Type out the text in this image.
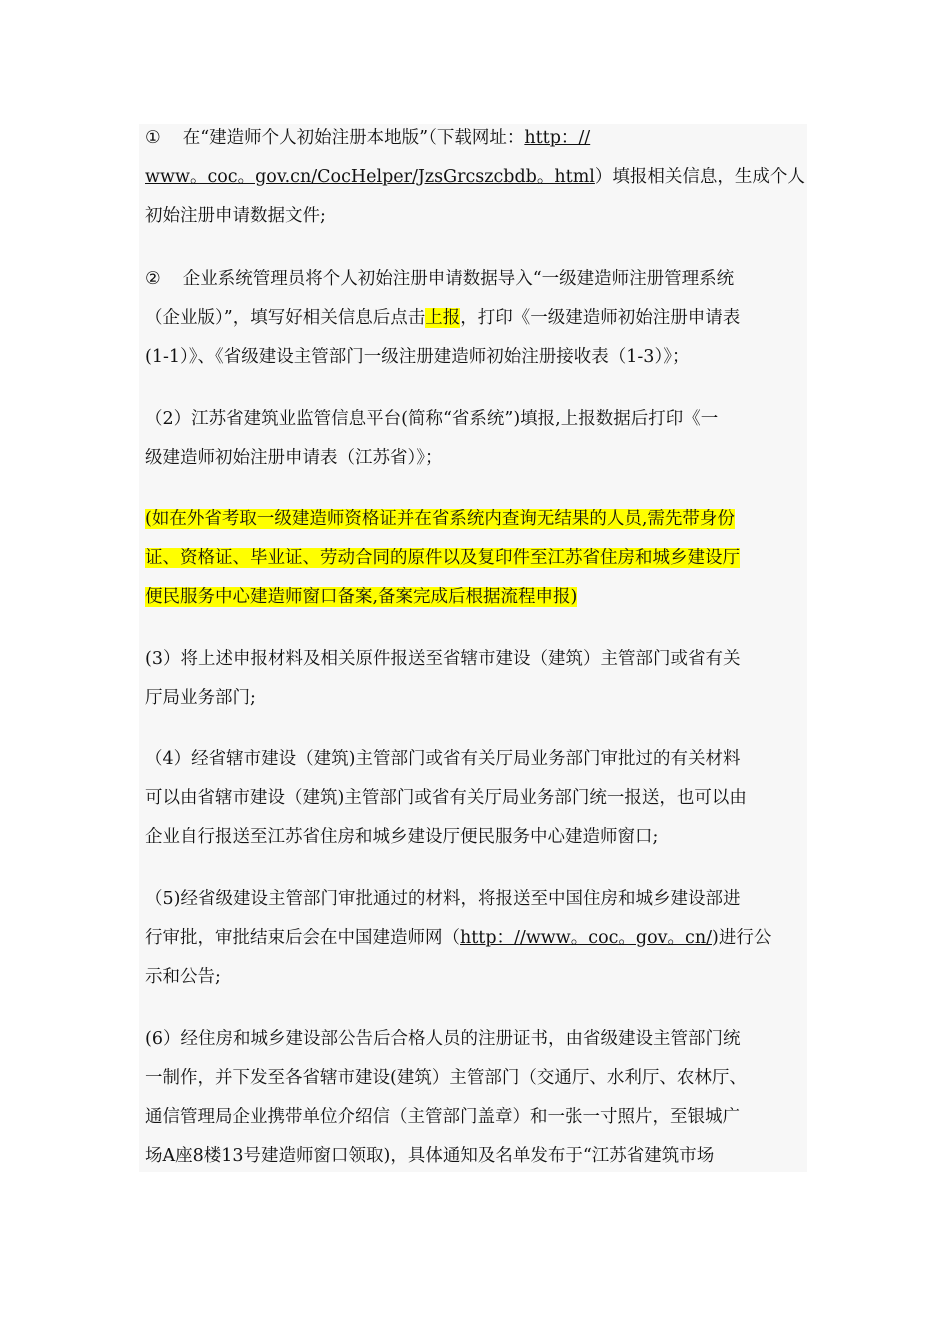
① 在“建造师个人初始注册本地版”（下载网址：http：//
www。coc。gov.cn/CocHelper/JzsGrcszcbdb。html）填报相关信息，生成个人
初始注册申请数据文件;
② 企业系统管理员将个人初始注册申请数据导入“一级建造师注册管理系统
（企业版）”，填写好相关信息后点击上报，打印《一级建造师初始注册申请表
(1-1）》、《省级建设主管部门一级注册建造师初始注册接收表（1-3）》；
（2）江苏省建筑业监管信息平台(简称“省系统”)填报,上报数据后打印《一
级建造师初始注册申请表（江苏省）》；
(如在外省考取一级建造师资格证并在省系统内查询无结果的人员,需先带身份
证、资格证、毕业证、劳动合同的原件以及复印件至江苏省住房和城乡建设厅
便民服务中心建造师窗口备案,备案完成后根据流程申报)
(3）将上述申报材料及相关原件报送至省辖市建设（建筑）主管部门或省有关
厅局业务部门;
（4）经省辖市建设（建筑)主管部门或省有关厅局业务部门审批过的有关材料
可以由省辖市建设（建筑)主管部门或省有关厅局业务部门统一报送，也可以由
企业自行报送至江苏省住房和城乡建设厅便民服务中心建造师窗口;
（5)经省级建设主管部门审批通过的材料，将报送至中国住房和城乡建设部进
行审批，审批结束后会在中国建造师网（http：//www。coc。gov。cn/)进行公
示和公告;
(6）经住房和城乡建设部公告后合格人员的注册证书，由省级建设主管部门统
一制作，并下发至各省辖市建设(建筑）主管部门（交通厅、水利厅、农林厅、
通信管理局企业携带单位介绍信（主管部门盖章）和一张一寸照片，至银城广
场A座8楼13号建造师窗口领取)，具体通知及名单发布于“江苏省建筑市场
